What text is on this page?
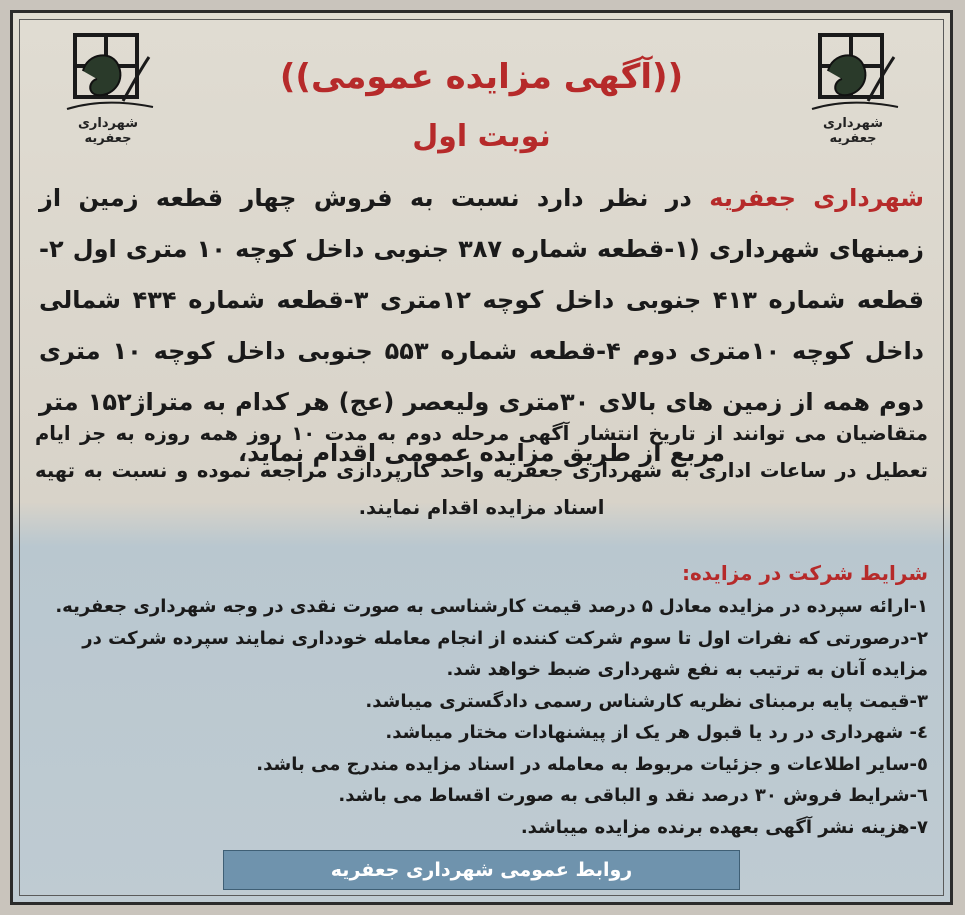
شهرداری جعفریه
شهرداری جعفریه
((آگهی مزایده عمومی))
نوبت اول
شهرداری جعفریه در نظر دارد نسبت به فروش چهار قطعه زمین از زمینهای شهرداری (۱-قطعه شماره ۳۸۷ جنوبی داخل کوچه ۱۰ متری اول ۲-قطعه شماره ۴۱۳ جنوبی داخل کوچه ۱۲متری ۳-قطعه شماره ۴۳۴ شمالی داخل کوچه ۱۰متری دوم ۴-قطعه شماره ۵۵۳ جنوبی داخل کوچه ۱۰ متری دوم همه از زمین های بالای ۳۰متری ولیعصر (عج) هر کدام به متراژ۱۵۲ متر مربع از طریق مزایده عمومی اقدام نماید،
متقاضیان می توانند از تاریخ انتشار آگهی مرحله دوم به مدت ۱۰ روز همه روزه به جز ایام تعطیل در ساعات اداری به شهرداری جعفریه واحد کارپردازی مراجعه نموده و نسبت به تهیه اسناد مزایده اقدام نمایند.
شرایط شرکت در مزایده:
۱-ارائه سپرده در مزایده معادل ۵ درصد قیمت کارشناسی به صورت نقدی در وجه شهرداری جعفریه.
۲-درصورتی که نفرات اول تا سوم شرکت کننده از انجام معامله خودداری نمایند سپرده شرکت در مزایده آنان به ترتیب به نفع شهرداری ضبط خواهد شد.
۳-قیمت پایه برمبنای نظریه کارشناس رسمی دادگستری میباشد.
٤- شهرداری در رد یا قبول هر یک از پیشنهادات مختار میباشد.
٥-سایر اطلاعات و جزئیات مربوط به معامله در اسناد مزایده مندرج می باشد.
٦-شرایط فروش ۳۰ درصد نقد و الباقی به صورت اقساط می باشد.
۷-هزینه نشر آگهی بعهده برنده مزایده میباشد.
روابط عمومی شهرداری جعفریه
